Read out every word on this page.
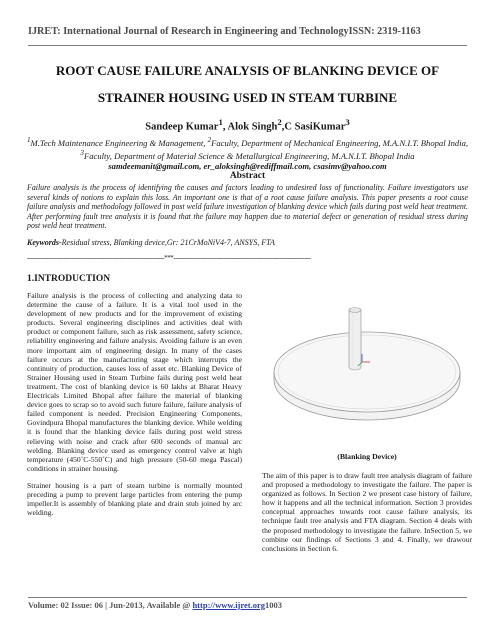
IJRET: International Journal of Research in Engineering and TechnologyISSN: 2319-1163
ROOT CAUSE FAILURE ANALYSIS OF BLANKING DEVICE OF
STRAINER HOUSING USED IN STEAM TURBINE
Sandeep Kumar$^1$, Alok Singh$^2$,C SasiKumar$^3$
$^1$M.Tech Maintenance Engineering & Management, $^2$Faculty, Department of Mechanical Engineering, M.A.N.I.T. Bhopal India, $^3$Faculty, Department of Material Science & Metallurgical Engineering, M.A.N.I.T. Bhopal India
samdeemanit@gmail.com, er_aloksingh@rediffmail.com, csasimv@yahoo.com
Abstract
Failure analysis is the process of identifying the causes and factors leading to undesired loss of functionality. Failure investigators use several kinds of notions to explain this loss. An important one is that of a root cause failure analysis. This paper presents a root cause failure analysis and methodology followed in post weld failure investigation of blanking device which fails during post weld heat treatment. After performing fault tree analysis it is found that the failure may happen due to material defect or generation of residual stress during post weld heat treatment.
Keywords-Residual stress, Blanking device,Gr: 21CrMoNiV4-7, ANSYS, FTA
-----------------------------------------------------------------------***-----------------------------------------------------------------------
1.INTRODUCTION

Failure analysis is the process of collecting and analyzing data to determine the cause of a failure. It is a vital tool used in the development of new products and for the improvement of existing products. Several engineering disciplines and activities deal with product or component failure, such as risk assessment, safety science, reliability engineering and failure analysis. Avoiding failure is an even more important aim of engineering design. In many of the cases failure occurs at the manufacturing stage which interrupts the continuity of production, causes loss of asset etc. Blanking Device of Strainer Housing used in Steam Turbine fails during post weld heat treatment. The cost of blanking device is 60 lakhs at Bharat Heavy Electricals Limited Bhopal after failure the material of blanking device goes to scrap so to avoid such future failure, failure analysis of failed component is needed. Precision Engineering Components, Govindpura Bhopal manufactures the blanking device. While welding it is found that the blanking device fails during post weld stress relieving with noise and crack after 600 seconds of manual arc welding. Blanking device used as emergency control valve at high temperature (450˚C-550˚C) and high pressure (50-60 mega Pascal) conditions in strainer housing.

Strainer housing is a part of steam turbine is normally mounted preceding a pump to prevent large particles from entering the pump impeller.It is assembly of blanking plate and drain stub joined by arc welding.

(Blanking Device)

The aim of this paper is to draw fault tree analysis diagram of failure and proposed a methodology to investigate the failure. The paper is organized as follows. In Section 2 we present case history of failure, how it happens and all the technical information. Section 3 provides conceptual approaches towards root cause failure analysis, its technique fault tree analysis and FTA diagram. Section 4 deals with the proposed methodology to investigate the failure. InSection 5, we combine our findings of Sections 3 and 4. Finally, we drawour conclusions in Section 6.

Volume: 02 Issue: 06 | Jun-2013, Available @ http://www.ijret.org1003
